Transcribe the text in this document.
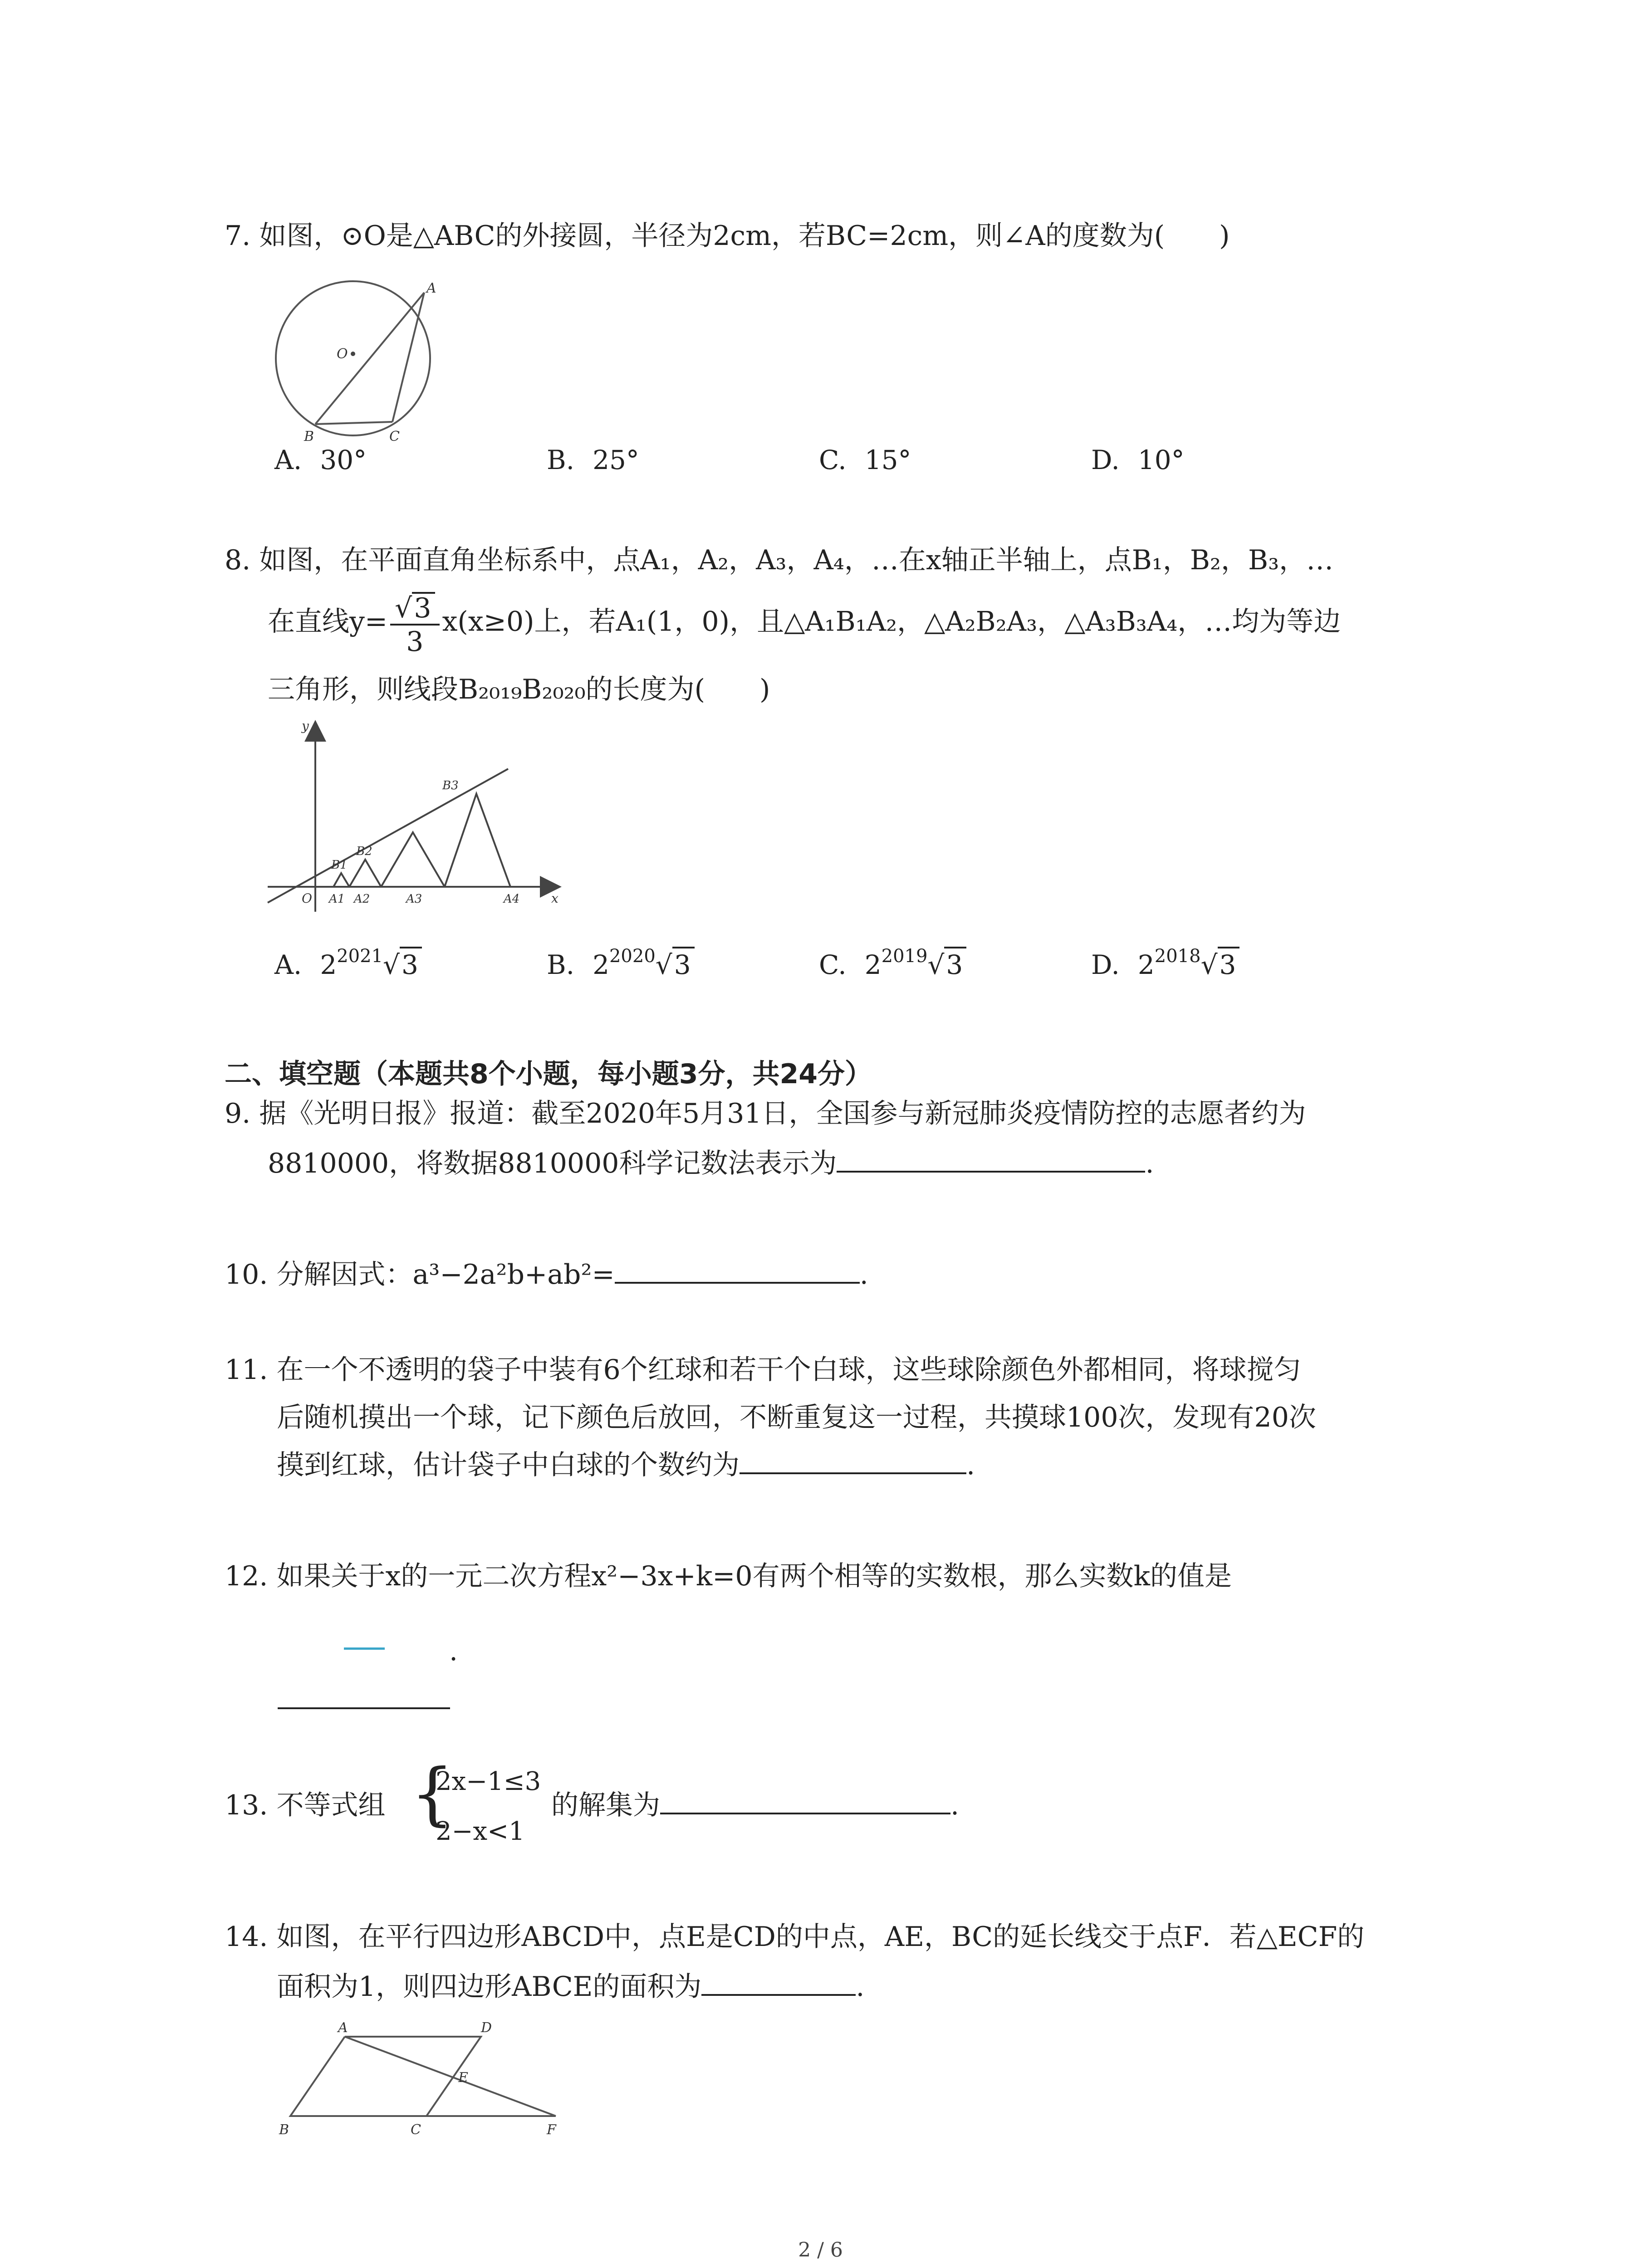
7. 如图，⊙O是△ABC的外接圆，半径为2cm，若BC=2cm，则∠A的度数为(　　)
A
O
B	C
A. 30°	B. 25°	C. 15°	D. 10°
8. 如图，在平面直角坐标系中，点A₁，A₂，A₃，A₄，…在x轴正半轴上，点B₁，B₂，B₃，…
在直线$y= \frac{√3}{3} x(x\ge 0)$上，若A₁(1，0)，且△A₁B₁A₂，△A₂B₂A₃，△A₃B₃A₄，…均为等边
三角形，则线段B₂₀₁₉B₂₀₂₀的长度为(　　)
y
x
O A1 A2	A3	A4
B1
B2
B3
A. $2^{2021}√3$	B. $2^{2020}√3$	C. $2^{2019}√3$	D. $2^{2018}√3$
二、填空题（本题共8个小题，每小题3分，共24分）
9. 据《光明日报》报道：截至2020年5月31日，全国参与新冠肺炎疫情防控的志愿者约为
8810000，将数据8810000科学记数法表示为	.
10. 分解因式：a³−2a²b+ab²=	.
11. 在一个不透明的袋子中装有6个红球和若干个白球，这些球除颜色外都相同，将球搅匀
后随机摸出一个球，记下颜色后放回，不断重复这一过程，共摸球100次，发现有20次
摸到红球，估计袋子中白球的个数约为	.
12. 如果关于x的一元二次方程x²−3x+k=0有两个相等的实数根，那么实数k的值是
.
13. 不等式组 {
2x−1≤3
2−x<1
的解集为	.
14. 如图，在平行四边形ABCD中，点E是CD的中点，AE，BC的延长线交于点F．若△ECF的
面积为1，则四边形ABCE的面积为	.
A	D
E
B	C	F
2 / 6
